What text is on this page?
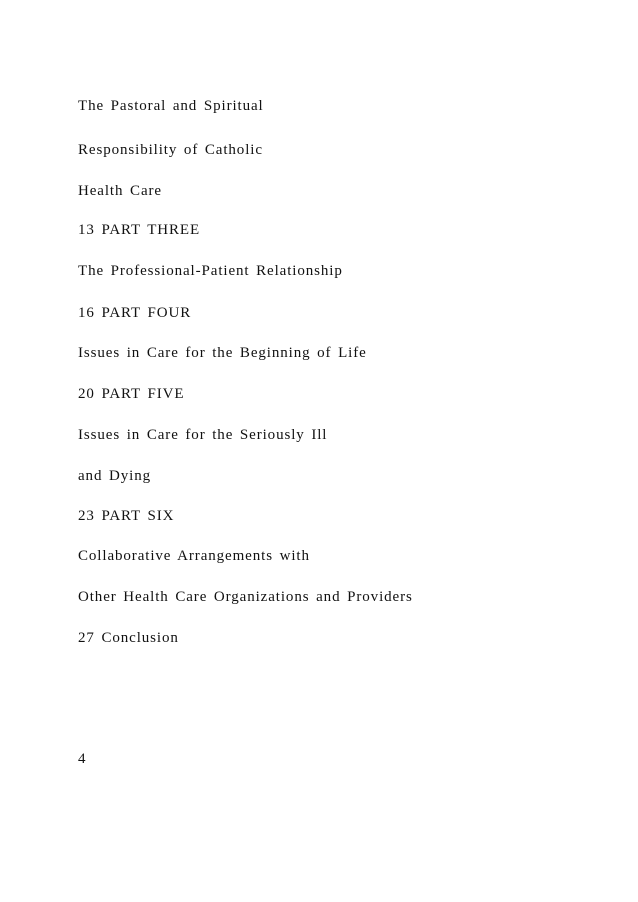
The Pastoral and Spiritual

Responsibility of Catholic

Health Care

13 PART THREE

The Professional-Patient Relationship

16 PART FOUR

Issues in Care for the Beginning of Life

20 PART FIVE

Issues in Care for the Seriously Ill

and Dying

23 PART SIX

Collaborative Arrangements with

Other Health Care Organizations and Providers

27 Conclusion

4
